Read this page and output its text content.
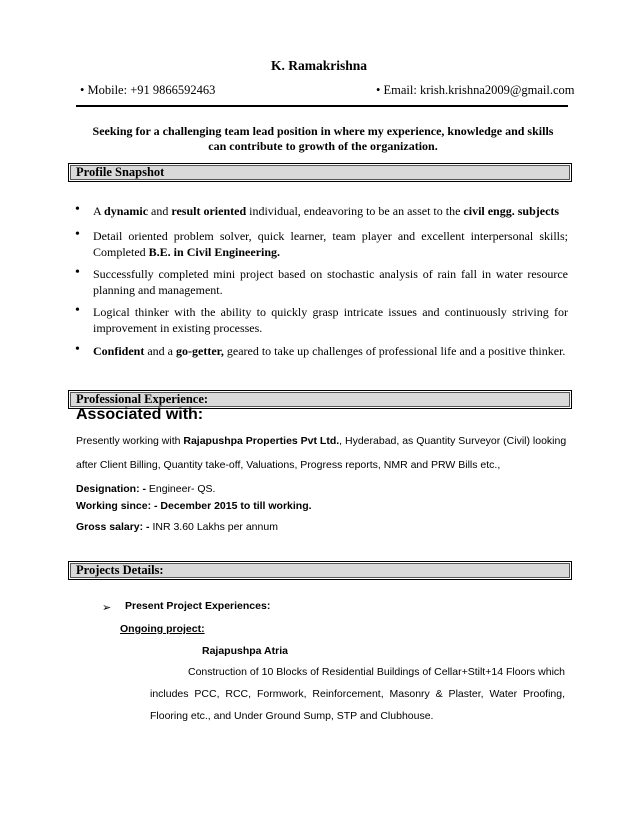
K. Ramakrishna
• Mobile: +91 9866592463	• Email: krish.krishna2009@gmail.com
Seeking for a challenging team lead position in where my experience, knowledge and skills can contribute to growth of the organization.
Profile Snapshot
• A dynamic and result oriented individual, endeavoring to be an asset to the civil engg. subjects
• Detail oriented problem solver, quick learner, team player and excellent interpersonal skills; Completed B.E. in Civil Engineering.
• Successfully completed mini project based on stochastic analysis of rain fall in water resource planning and management.
• Logical thinker with the ability to quickly grasp intricate issues and continuously striving for improvement in existing processes.
• Confident and a go-getter, geared to take up challenges of professional life and a positive thinker.
Professional Experience:
Associated with:
Presently working with Rajapushpa Properties Pvt Ltd., Hyderabad, as Quantity Surveyor (Civil) looking
after Client Billing, Quantity take-off, Valuations, Progress reports, NMR and PRW Bills etc.,
Designation: - Engineer- QS.
Working since: - December 2015 to till working.
Gross salary: - INR 3.60 Lakhs per annum
Projects Details:
➢ Present Project Experiences:
Ongoing project:
Rajapushpa Atria
Construction of 10 Blocks of Residential Buildings of Cellar+Stilt+14 Floors which
includes PCC, RCC, Formwork, Reinforcement, Masonry & Plaster, Water Proofing,
Flooring etc., and Under Ground Sump, STP and Clubhouse.
